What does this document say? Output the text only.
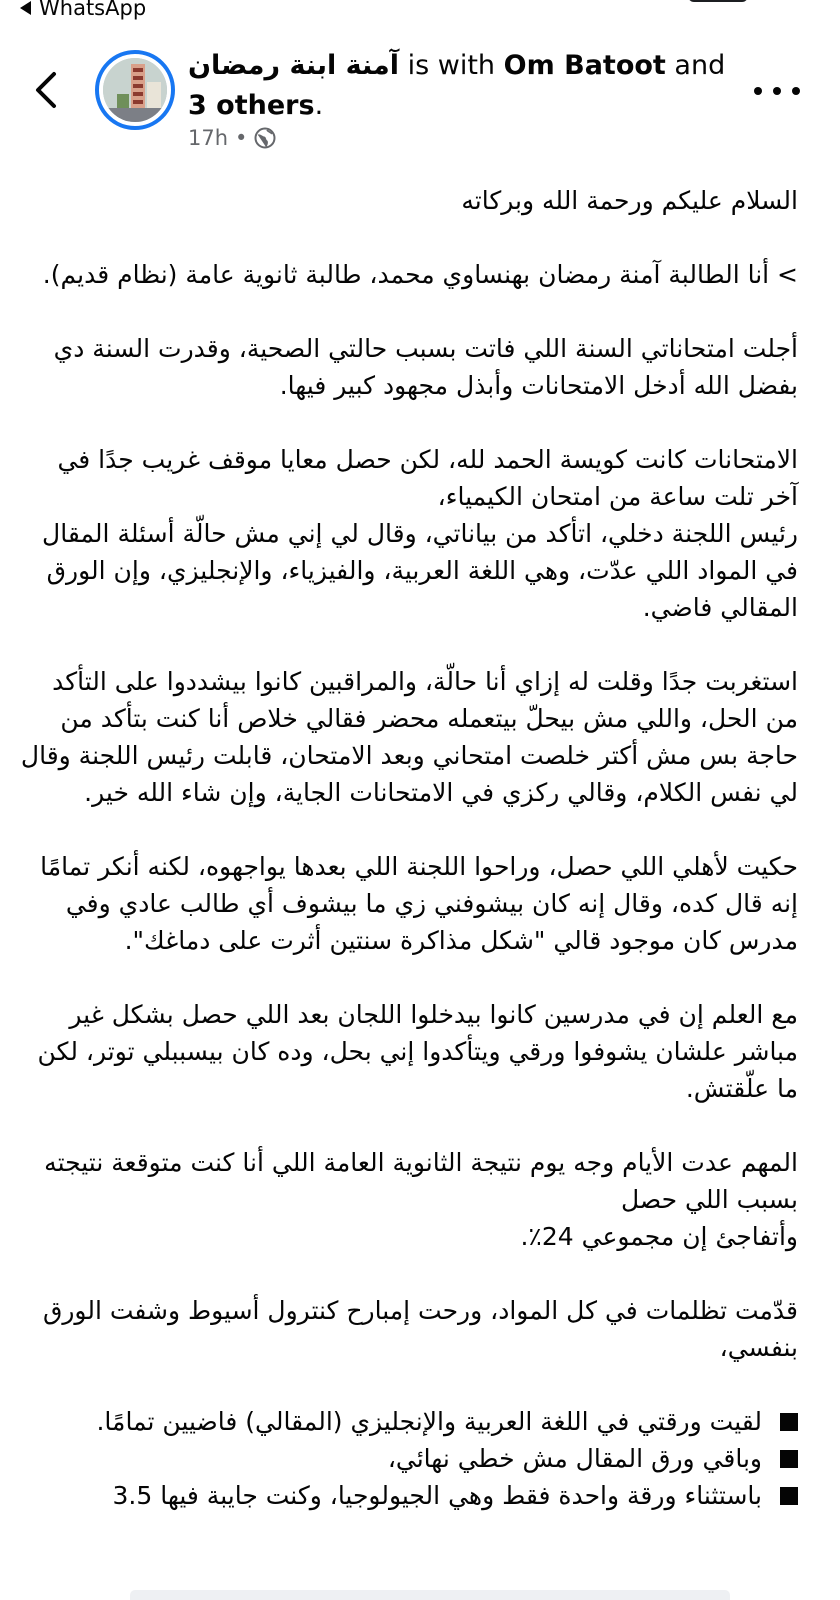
WhatsApp
آمنة ابنة رمضان is with Om Batoot and 3 others.
17h •

السلام عليكم ورحمة الله وبركاته

> أنا الطالبة آمنة رمضان بهنساوي محمد، طالبة ثانوية عامة (نظام قديم).

أجلت امتحاناتي السنة اللي فاتت بسبب حالتي الصحية، وقدرت السنة دي بفضل الله أدخل الامتحانات وأبذل مجهود كبير فيها.

الامتحانات كانت كويسة الحمد لله، لكن حصل معايا موقف غريب جدًا في آخر تلت ساعة من امتحان الكيمياء،
رئيس اللجنة دخلي، اتأكد من بياناتي، وقال لي إني مش حالّة أسئلة المقال في المواد اللي عدّت، وهي اللغة العربية، والفيزياء، والإنجليزي، وإن الورق المقالي فاضي.

استغربت جدًا وقلت له إزاي أنا حالّة، والمراقبين كانوا بيشددوا على التأكد من الحل، واللي مش بيحلّ بيتعمله محضر فقالي خلاص أنا كنت بتأكد من حاجة بس مش أكتر خلصت امتحاني وبعد الامتحان، قابلت رئيس اللجنة وقال لي نفس الكلام، وقالي ركزي في الامتحانات الجاية، وإن شاء الله خير.

حكيت لأهلي اللي حصل، وراحوا اللجنة اللي بعدها يواجهوه، لكنه أنكر تمامًا إنه قال كده، وقال إنه كان بيشوفني زي ما بيشوف أي طالب عادي وفي مدرس كان موجود قالي "شكل مذاكرة سنتين أثرت على دماغك".

مع العلم إن في مدرسين كانوا بيدخلوا اللجان بعد اللي حصل بشكل غير مباشر علشان يشوفوا ورقي ويتأكدوا إني بحل، وده كان بيسببلي توتر، لكن ما علّقتش.

المهم عدت الأيام وجه يوم نتيجة الثانوية العامة اللي أنا كنت متوقعة نتيجته بسبب اللي حصل
وأتفاجئ إن مجموعي 24٪.

قدّمت تظلمات في كل المواد، ورحت إمبارح كنترول أسيوط وشفت الورق بنفسي،

لقيت ورقتي في اللغة العربية والإنجليزي (المقالي) فاضيين تمامًا.
وباقي ورق المقال مش خطي نهائي،
باستثناء ورقة واحدة فقط وهي الجيولوجيا، وكنت جايبة فيها 3.5
